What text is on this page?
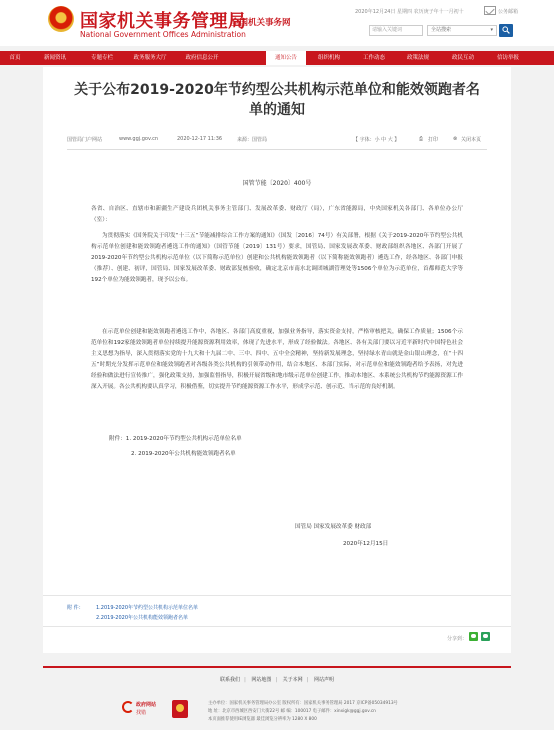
国家机关事务管理局
National Government Offices Administration
全国机关事务网
2020年12月24日 星期四 农历庚子年十一月初十	公务邮箱
请输入关键词	全站搜索	▾
首页	新闻资讯	专题专栏	政务服务大厅	政府信息公开	通知公告	组织机构	工作动态	政策法规	政民互动	信访举报
关于公布2019-2020年节约型公共机构示范单位和能效领跑者名单的通知
国管局门户网站	www.ggj.gov.cn	2020-12-17 11:36	来源：国管局	【 字体：小 中 大 】	⎙ 打印	⊗ 关闭本页
国管节能〔2020〕400号
各省、自治区、直辖市和新疆生产建设兵团机关事务主管部门、发展改革委、财政厅（局），广东省能源局，中央国家机关各部门、各单位办公厅（室）：
为贯彻落实《国务院关于印发“十三五”节能减排综合工作方案的通知》（国发〔2016〕74号）有关部署，根据《关于2019-2020年节约型公共机构示范单位创建和能效领跑者遴选工作的通知》（国管节能〔2019〕131号）要求，国管局、国家发展改革委、财政部组织各地区、各部门开展了2019-2020年节约型公共机构示范单位（以下简称示范单位）创建和公共机构能效领跑者（以下简称能效领跑者）遴选工作，经各地区、各部门申报（推荐）、创建、初评，国管局、国家发展改革委、财政部复核验收，确定北京市南水北调团城湖管理处等1506个单位为示范单位，首都师范大学等192个单位为能效领跑者，现予以公布。
在示范单位创建和能效领跑者遴选工作中，各地区、各部门高度重视，加强业务指导，落实资金支持，严格审核把关，确保工作质量；1506个示范单位和192家能效领跑者单位持续提升能源资源利用效率，体现了先进水平，形成了经验做法。各地区、各有关部门要以习近平新时代中国特色社会主义思想为指导，深入贯彻落实党的十九大和十九届二中、三中、四中、五中全会精神，坚持新发展理念，坚持绿水青山就是金山银山理念，在“十四五”时期充分发挥示范单位和能效领跑者对各级各类公共机构的引领带动作用，结合本地区、本部门实际，对示范单位和能效领跑者给予表扬，对先进经验和做法进行宣传推广，强化政策支持，加强监督指导，积极开展省级和地市级示范单位创建工作，推动本地区、本系统公共机构节约能源资源工作深入开展。各公共机构要认真学习，积极借鉴，切实提升节约能源资源工作水平，形成学示范、创示范、当示范的良好机制。
附件：1. 2019-2020年节约型公共机构示范单位名单
2. 2019-2020年公共机构能效领跑者名单
国管局 国家发展改革委 财政部
2020年12月15日
附 件： 1.2019-2020年节约型公共机构示范单位名单
2.2019-2020年公共机构能效领跑者名单
分享到：
联系我们 | 网站地图 | 关于本网 | 网站声明
政府网站
找错
主办单位：国家机关事务管理局办公室 版权所有：国家机关事务管理局 2017 京ICP备05034913号
地 址：北京市西城区西安门大街22号 邮 编：100017 电子邮件：xinxigk@ggj.gov.cn
本页面推荐使用IE浏览器 最佳浏览分辨率为 1280 X 800
